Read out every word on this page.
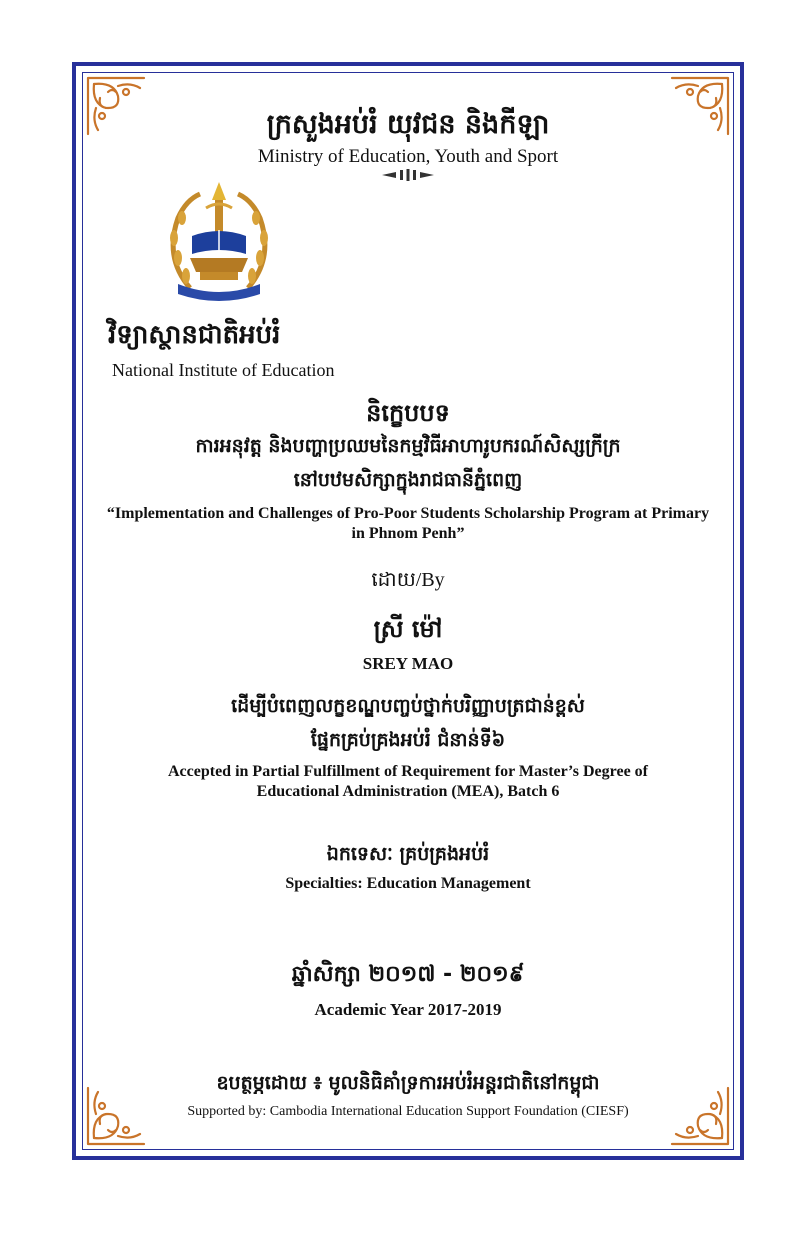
ក្រសួងអប់រំ យុវជន និងកីឡា
Ministry of Education, Youth and Sport
វិទ្យាស្ថានជាតិអប់រំ
National Institute of Education
និក្ខេបបទ
ការអនុវត្ត និងបញ្ហាប្រឈមនៃកម្មវិធីអាហារូបករណ៍សិស្សក្រីក្រ
នៅបឋមសិក្សាក្នុងរាជធានីភ្នំពេញ
“Implementation and Challenges of Pro-Poor Students Scholarship Program at Primary
in Phnom Penh”
ដោយ/By
ស្រី ម៉ៅ
SREY MAO
ដើម្បីបំពេញលក្ខខណ្ឌបញ្ចប់ថ្នាក់បរិញ្ញាបត្រជាន់ខ្ពស់
ផ្នែកគ្រប់គ្រងអប់រំ ជំនាន់ទី៦
Accepted in Partial Fulfillment of Requirement for Master’s Degree of
Educational Administration (MEA), Batch 6
ឯកទេសៈ គ្រប់គ្រងអប់រំ
Specialties: Education Management
ឆ្នាំសិក្សា ២០១៧ - ២០១៩
Academic Year 2017-2019
ឧបត្ថម្ភដោយ ៖ មូលនិធិគាំទ្រការអប់រំអន្តរជាតិនៅកម្ពុជា
Supported by: Cambodia International Education Support Foundation (CIESF)
